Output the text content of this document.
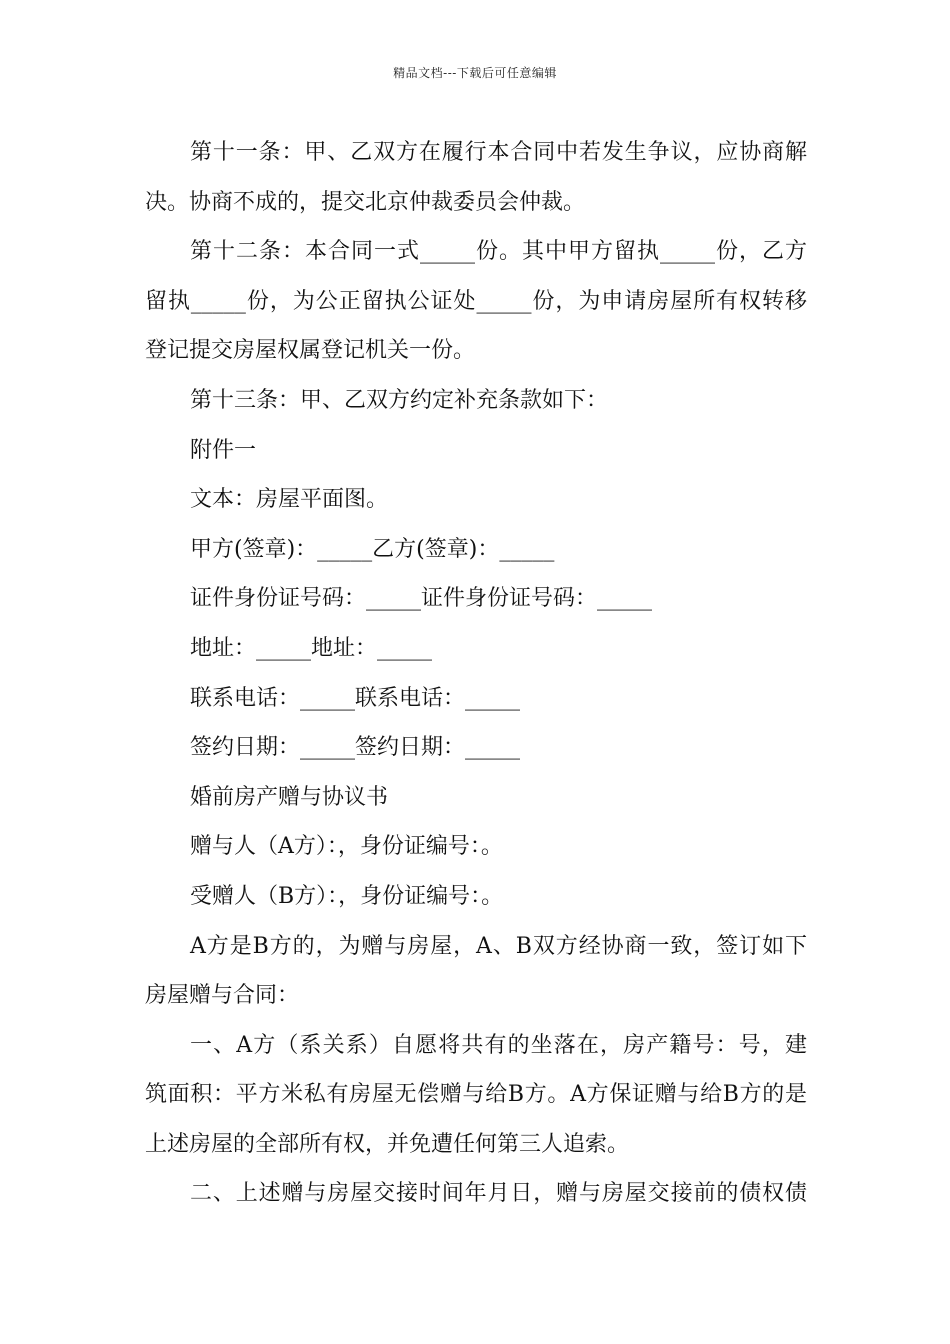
精品文档---下载后可任意编辑
第十一条：甲、乙双方在履行本合同中若发生争议，应协商解
决。协商不成的，提交北京仲裁委员会仲裁。
第十二条：本合同一式_____份。其中甲方留执_____份，乙方
留执_____份，为公正留执公证处_____份，为申请房屋所有权转移
登记提交房屋权属登记机关一份。
第十三条：甲、乙双方约定补充条款如下：
附件一
文本：房屋平面图。
甲方(签章)：_____乙方(签章)：_____
证件身份证号码：_____证件身份证号码：_____
地址：_____地址：_____
联系电话：_____联系电话：_____
签约日期：_____签约日期：_____
婚前房产赠与协议书
赠与人（A方）：，身份证编号：。
受赠人（B方）：，身份证编号：。
A方是B方的，为赠与房屋，A、B双方经协商一致，签订如下
房屋赠与合同：
一、A方（系关系）自愿将共有的坐落在，房产籍号：号，建
筑面积：平方米私有房屋无偿赠与给B方。A方保证赠与给B方的是
上述房屋的全部所有权，并免遭任何第三人追索。
二、上述赠与房屋交接时间年月日，赠与房屋交接前的债权债
